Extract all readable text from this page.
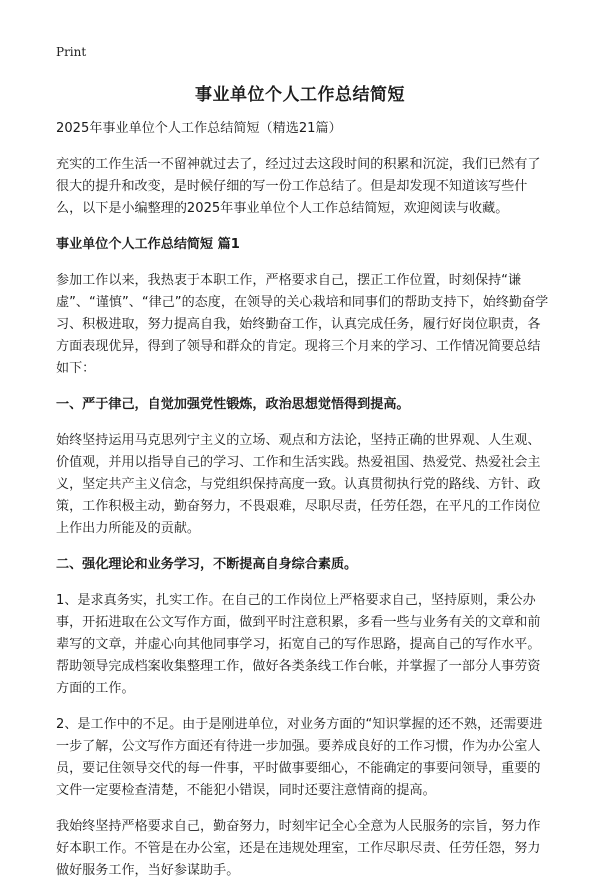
Print
事业单位个人工作总结简短

2025年事业单位个人工作总结简短（精选21篇）

充实的工作生活一不留神就过去了，经过过去这段时间的积累和沉淀，我们已然有了很大的提升和改变，是时候仔细的写一份工作总结了。但是却发现不知道该写些什么，以下是小编整理的2025年事业单位个人工作总结简短，欢迎阅读与收藏。

事业单位个人工作总结简短 篇1

参加工作以来，我热衷于本职工作，严格要求自己，摆正工作位置，时刻保持“谦虚”、“谨慎”、“律己”的态度，在领导的关心栽培和同事们的帮助支持下，始终勤奋学习、积极进取，努力提高自我，始终勤奋工作，认真完成任务，履行好岗位职责，各方面表现优异，得到了领导和群众的肯定。现将三个月来的学习、工作情况简要总结如下：

一、严于律己，自觉加强党性锻炼，政治思想觉悟得到提高。

始终坚持运用马克思列宁主义的立场、观点和方法论，坚持正确的世界观、人生观、价值观，并用以指导自己的学习、工作和生活实践。热爱祖国、热爱党、热爱社会主义，坚定共产主义信念，与党组织保持高度一致。认真贯彻执行党的路线、方针、政策，工作积极主动，勤奋努力，不畏艰难，尽职尽责，任劳任怨，在平凡的工作岗位上作出力所能及的贡献。

二、强化理论和业务学习，不断提高自身综合素质。

1、是求真务实，扎实工作。在自己的工作岗位上严格要求自己，坚持原则，秉公办事，开拓进取在公文写作方面，做到平时注意积累，多看一些与业务有关的文章和前辈写的文章，并虚心向其他同事学习，拓宽自己的写作思路，提高自己的写作水平。帮助领导完成档案收集整理工作，做好各类条线工作台帐，并掌握了一部分人事劳资方面的工作。

2、是工作中的不足。由于是刚进单位，对业务方面的“知识掌握的还不熟，还需要进一步了解，公文写作方面还有待进一步加强。要养成良好的工作习惯，作为办公室人员，要记住领导交代的每一件事，平时做事要细心，不能确定的事要问领导，重要的文件一定要检查清楚，不能犯小错误，同时还要注意情商的提高。

我始终坚持严格要求自己，勤奋努力，时刻牢记全心全意为人民服务的宗旨，努力作好本职工作。不管是在办公室，还是在违规处理室，工作尽职尽责、任劳任怨，努力做好服务工作，当好参谋助手。
